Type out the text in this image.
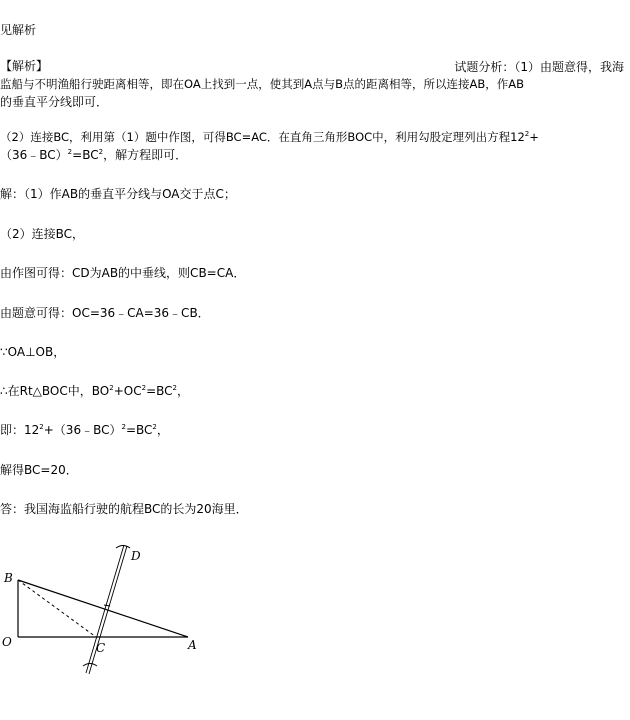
见解析
【解析】	试题分析：（1）由题意得，我海
监船与不明渔船行驶距离相等，即在OA上找到一点，使其到A点与B点的距离相等，所以连接AB，作AB
的垂直平分线即可．
（2）连接BC，利用第（1）题中作图，可得BC=AC．在直角三角形BOC中，利用勾股定理列出方程$12^2+$
$(36﹣BC)^2=BC^2$，解方程即可．
解：（1）作AB的垂直平分线与OA交于点C；
（2）连接BC，
由作图可得：CD为AB的中垂线，则CB=CA．
由题意可得：OC=36﹣CA=36﹣CB．
∵OA⊥OB，
∴在Rt△BOC中，$BO^2+OC^2=BC^2$，
即：$12^2+(36﹣BC)^2=BC^2$，
解得BC=20．
答：我国海监船行驶的航程BC的长为20海里．
B
O	C	A
D
